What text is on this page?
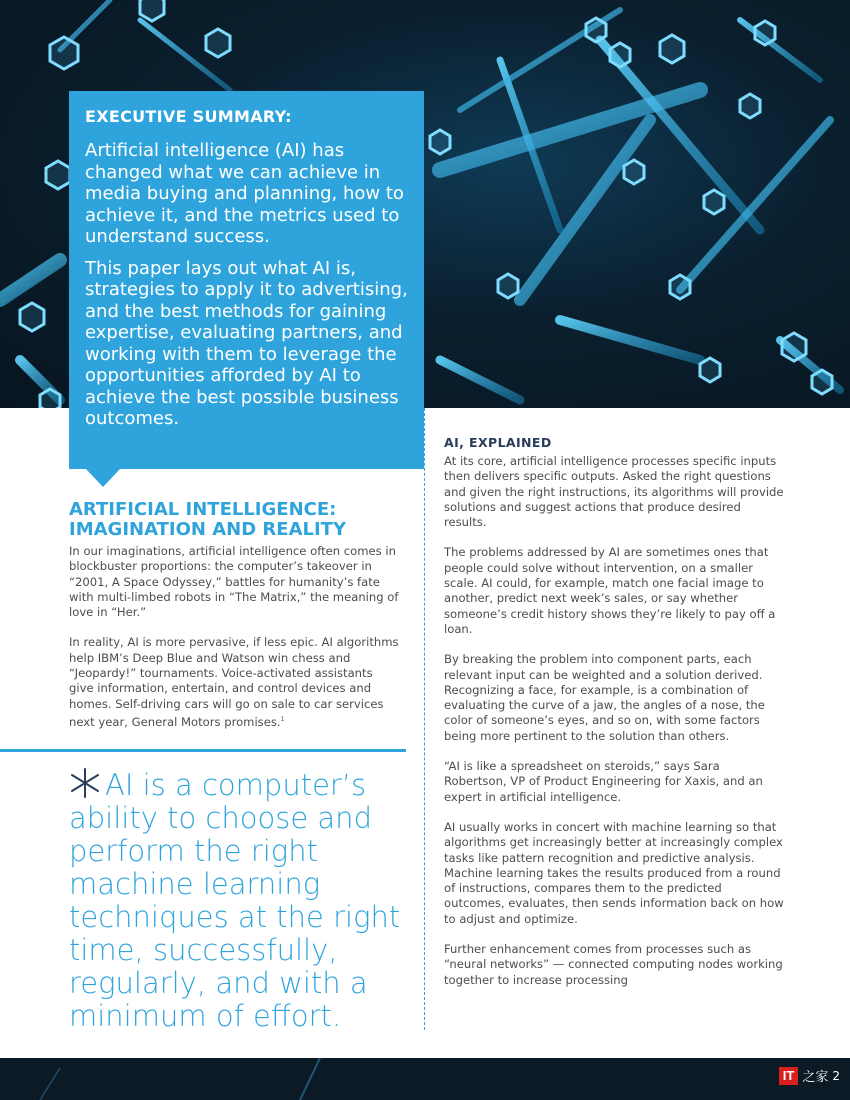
EXECUTIVE SUMMARY:

Artificial intelligence (AI) has changed what we can achieve in media buying and planning, how to achieve it, and the metrics used to understand success.

This paper lays out what AI is, strategies to apply it to advertising, and the best methods for gaining expertise, evaluating partners, and working with them to leverage the opportunities afforded by AI to achieve the best possible business outcomes.

ARTIFICIAL INTELLIGENCE:
IMAGINATION AND REALITY

In our imaginations, artificial intelligence often comes in blockbuster proportions: the computer’s takeover in “2001, A Space Odyssey,” battles for humanity’s fate with multi-limbed robots in “The Matrix,” the meaning of love in “Her.”

In reality, AI is more pervasive, if less epic. AI algorithms help IBM’s Deep Blue and Watson win chess and “Jeopardy!” tournaments. Voice-activated assistants give information, entertain, and control devices and homes. Self-driving cars will go on sale to car services next year, General Motors promises.$^1$

AI is a computer’s ability to choose and perform the right machine learning techniques at the right time, successfully, regularly, and with a minimum of effort.
AI, EXPLAINED

At its core, artificial intelligence processes specific inputs then delivers specific outputs. Asked the right questions and given the right instructions, its algorithms will provide solutions and suggest actions that produce desired results.

The problems addressed by AI are sometimes ones that people could solve without intervention, on a smaller scale. AI could, for example, match one facial image to another, predict next week’s sales, or say whether someone’s credit history shows they’re likely to pay off a loan.

By breaking the problem into component parts, each relevant input can be weighted and a solution derived. Recognizing a face, for example, is a combination of evaluating the curve of a jaw, the angles of a nose, the color of someone’s eyes, and so on, with some factors being more pertinent to the solution than others.

“AI is like a spreadsheet on steroids,” says Sara Robertson, VP of Product Engineering for Xaxis, and an expert in artificial intelligence.

AI usually works in concert with machine learning so that algorithms get increasingly better at increasingly complex tasks like pattern recognition and predictive analysis. Machine learning takes the results produced from a round of instructions, compares them to the predicted outcomes, evaluates, then sends information back on how to adjust and optimize.

Further enhancement comes from processes such as “neural networks” — connected computing nodes working together to increase processing

IT 之家 2
